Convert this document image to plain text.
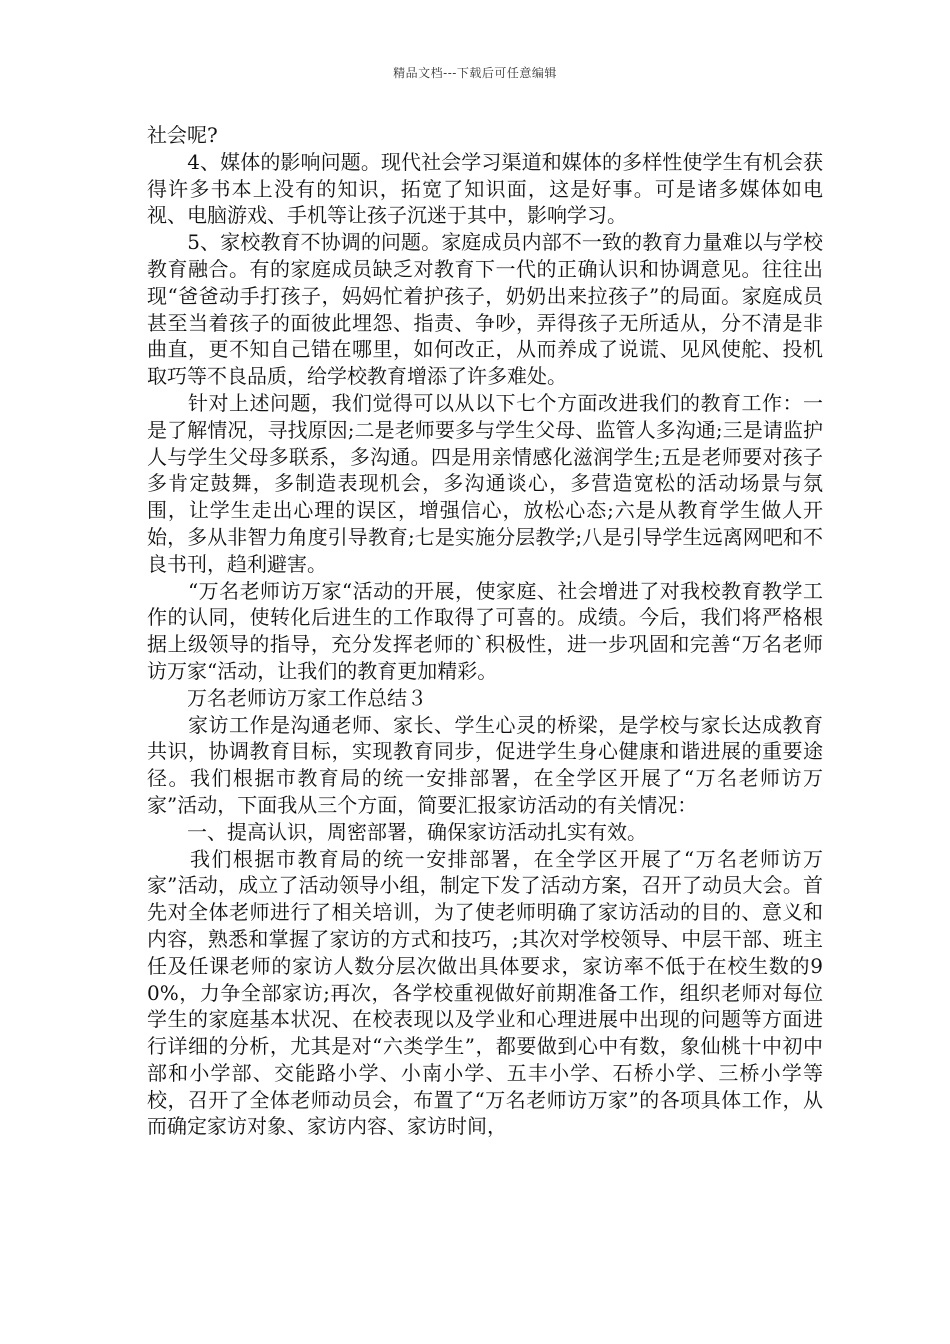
精品文档---下载后可任意编辑

社会呢?

　　4、媒体的影响问题。现代社会学习渠道和媒体的多样性使学生有机会获得许多书本上没有的知识，拓宽了知识面，这是好事。可是诸多媒体如电视、电脑游戏、手机等让孩子沉迷于其中，影响学习。

　　5、家校教育不协调的问题。家庭成员内部不一致的教育力量难以与学校教育融合。有的家庭成员缺乏对教育下一代的正确认识和协调意见。往往出现“爸爸动手打孩子，妈妈忙着护孩子，奶奶出来拉孩子”的局面。家庭成员甚至当着孩子的面彼此埋怨、指责、争吵，弄得孩子无所适从，分不清是非曲直，更不知自己错在哪里，如何改正，从而养成了说谎、见风使舵、投机取巧等不良品质，给学校教育增添了许多难处。

　　针对上述问题，我们觉得可以从以下七个方面改进我们的教育工作：一是了解情况，寻找原因;二是老师要多与学生父母、监管人多沟通;三是请监护人与学生父母多联系，多沟通。四是用亲情感化滋润学生;五是老师要对孩子多肯定鼓舞，多制造表现机会，多沟通谈心，多营造宽松的活动场景与氛围，让学生走出心理的误区，增强信心，放松心态;六是从教育学生做人开始，多从非智力角度引导教育;七是实施分层教学;八是引导学生远离网吧和不良书刊，趋利避害。

　　“万名老师访万家“活动的开展，使家庭、社会增进了对我校教育教学工作的认同，使转化后进生的工作取得了可喜的。成绩。今后，我们将严格根据上级领导的指导，充分发挥老师的`积极性，进一步巩固和完善“万名老师访万家“活动，让我们的教育更加精彩。

　　万名老师访万家工作总结３

　　家访工作是沟通老师、家长、学生心灵的桥梁，是学校与家长达成教育共识，协调教育目标，实现教育同步，促进学生身心健康和谐进展的重要途径。我们根据市教育局的统一安排部署，在全学区开展了“万名老师访万家”活动，下面我从三个方面，简要汇报家访活动的有关情况：

　　一、提高认识，周密部署，确保家访活动扎实有效。

　　我们根据市教育局的统一安排部署，在全学区开展了“万名老师访万家”活动，成立了活动领导小组，制定下发了活动方案，召开了动员大会。首先对全体老师进行了相关培训，为了使老师明确了家访活动的目的、意义和内容，熟悉和掌握了家访的方式和技巧，;其次对学校领导、中层干部、班主任及任课老师的家访人数分层次做出具体要求，家访率不低于在校生数的90%，力争全部家访;再次，各学校重视做好前期准备工作，组织老师对每位学生的家庭基本状况、在校表现以及学业和心理进展中出现的问题等方面进行详细的分析，尤其是对“六类学生”，都要做到心中有数，象仙桃十中初中部和小学部、交能路小学、小南小学、五丰小学、石桥小学、三桥小学等校，召开了全体老师动员会，布置了“万名老师访万家”的各项具体工作，从而确定家访对象、家访内容、家访时间，
